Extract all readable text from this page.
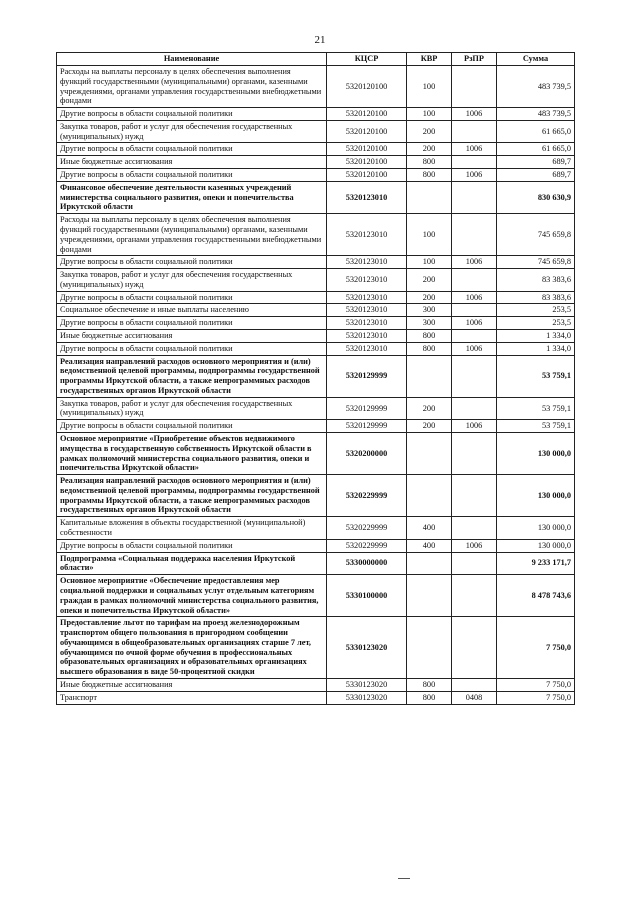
21
Наименование	КЦСР	КВР	РзПР	Сумма
Расходы на выплаты персоналу в целях обеспечения выполнения функций государственными (муниципальными) органами, казенными учреждениями, органами управления государственными внебюджетными фондами	5320120100	100		483 739,5
Другие вопросы в области социальной политики	5320120100	100	1006	483 739,5
Закупка товаров, работ и услуг для обеспечения государственных (муниципальных) нужд	5320120100	200		61 665,0
Другие вопросы в области социальной политики	5320120100	200	1006	61 665,0
Иные бюджетные ассигнования	5320120100	800		689,7
Другие вопросы в области социальной политики	5320120100	800	1006	689,7
Финансовое обеспечение деятельности казенных учреждений министерства социального развития, опеки и попечительства Иркутской области	5320123010			830 630,9
Расходы на выплаты персоналу в целях обеспечения выполнения функций государственными (муниципальными) органами, казенными учреждениями, органами управления государственными внебюджетными фондами	5320123010	100		745 659,8
Другие вопросы в области социальной политики	5320123010	100	1006	745 659,8
Закупка товаров, работ и услуг для обеспечения государственных (муниципальных) нужд	5320123010	200		83 383,6
Другие вопросы в области социальной политики	5320123010	200	1006	83 383,6
Социальное обеспечение и иные выплаты населению	5320123010	300		253,5
Другие вопросы в области социальной политики	5320123010	300	1006	253,5
Иные бюджетные ассигнования	5320123010	800		1 334,0
Другие вопросы в области социальной политики	5320123010	800	1006	1 334,0
Реализация направлений расходов основного мероприятия и (или) ведомственной целевой программы, подпрограммы государственной программы Иркутской области, а также непрограммных расходов государственных органов Иркутской области	5320129999			53 759,1
Закупка товаров, работ и услуг для обеспечения государственных (муниципальных) нужд	5320129999	200		53 759,1
Другие вопросы в области социальной политики	5320129999	200	1006	53 759,1
Основное мероприятие «Приобретение объектов недвижимого имущества в государственную собственность Иркутской области в рамках полномочий министерства социального развития, опеки и попечительства Иркутской области»	5320200000			130 000,0
Реализация направлений расходов основного мероприятия и (или) ведомственной целевой программы, подпрограммы государственной программы Иркутской области, а также непрограммных расходов государственных органов Иркутской области	5320229999			130 000,0
Капитальные вложения в объекты государственной (муниципальной) собственности	5320229999	400		130 000,0
Другие вопросы в области социальной политики	5320229999	400	1006	130 000,0
Подпрограмма «Социальная поддержка населения Иркутской области»	5330000000			9 233 171,7
Основное мероприятие «Обеспечение предоставления мер социальной поддержки и социальных услуг отдельным категориям граждан в рамках полномочий министерства социального развития, опеки и попечительства Иркутской области»	5330100000			8 478 743,6
Предоставление льгот по тарифам на проезд железнодорожным транспортом общего пользования в пригородном сообщении обучающимся в общеобразовательных организациях старше 7 лет, обучающимся по очной форме обучения в профессиональных образовательных организациях и образовательных организациях высшего образования в виде 50-процентной скидки	5330123020			7 750,0
Иные бюджетные ассигнования	5330123020	800		7 750,0
Транспорт	5330123020	800	0408	7 750,0
